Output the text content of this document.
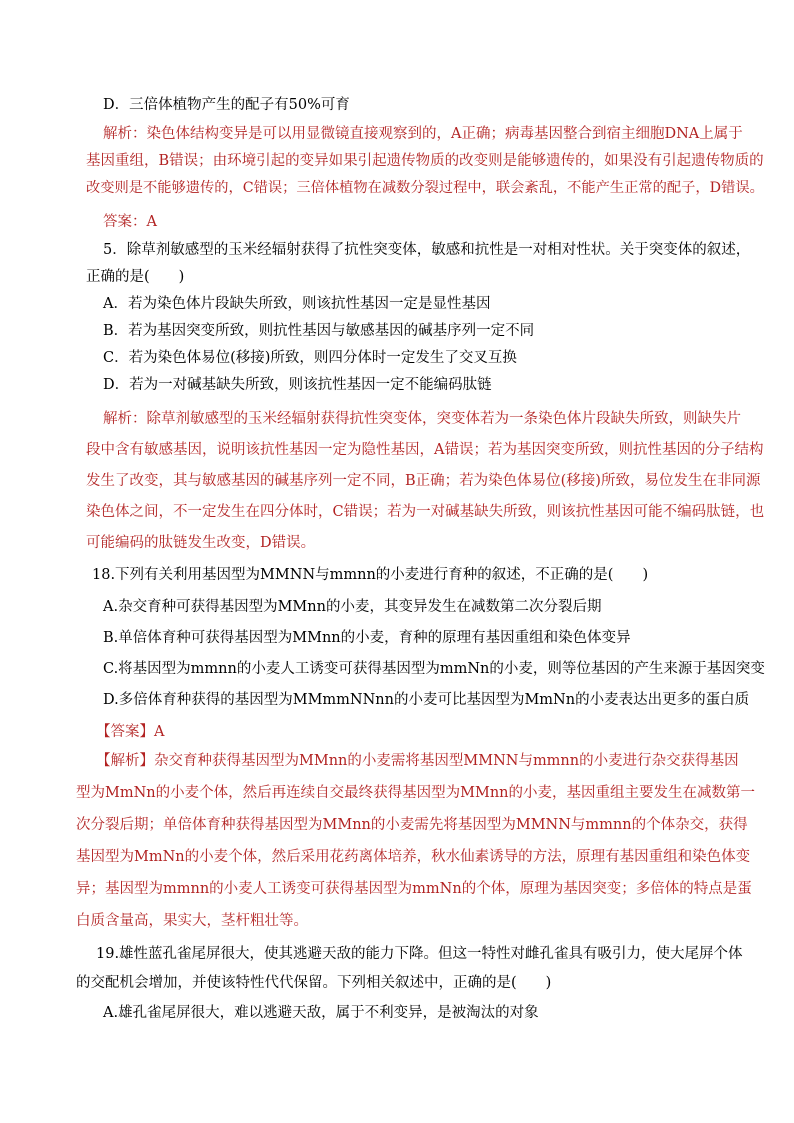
D．三倍体植物产生的配子有50%可育
解析：染色体结构变异是可以用显微镜直接观察到的，A正确；病毒基因整合到宿主细胞DNA上属于
基因重组，B错误；由环境引起的变异如果引起遗传物质的改变则是能够遗传的，如果没有引起遗传物质的
改变则是不能够遗传的，C错误；三倍体植物在减数分裂过程中，联会紊乱，不能产生正常的配子，D错误。
答案：A
5．除草剂敏感型的玉米经辐射获得了抗性突变体，敏感和抗性是一对相对性状。关于突变体的叙述，
正确的是(　　)
A．若为染色体片段缺失所致，则该抗性基因一定是显性基因
B．若为基因突变所致，则抗性基因与敏感基因的碱基序列一定不同
C．若为染色体易位(移接)所致，则四分体时一定发生了交叉互换
D．若为一对碱基缺失所致，则该抗性基因一定不能编码肽链
解析：除草剂敏感型的玉米经辐射获得抗性突变体，突变体若为一条染色体片段缺失所致，则缺失片
段中含有敏感基因，说明该抗性基因一定为隐性基因，A错误；若为基因突变所致，则抗性基因的分子结构
发生了改变，其与敏感基因的碱基序列一定不同，B正确；若为染色体易位(移接)所致，易位发生在非同源
染色体之间，不一定发生在四分体时，C错误；若为一对碱基缺失所致，则该抗性基因可能不编码肽链，也
可能编码的肽链发生改变，D错误。
18.下列有关利用基因型为MMNN与mmnn的小麦进行育种的叙述，不正确的是(　　)
A.杂交育种可获得基因型为MMnn的小麦，其变异发生在减数第二次分裂后期
B.单倍体育种可获得基因型为MMnn的小麦，育种的原理有基因重组和染色体变异
C.将基因型为mmnn的小麦人工诱变可获得基因型为mmNn的小麦，则等位基因的产生来源于基因突变
D.多倍体育种获得的基因型为MMmmNNnn的小麦可比基因型为MmNn的小麦表达出更多的蛋白质
【答案】A
【解析】杂交育种获得基因型为MMnn的小麦需将基因型MMNN与mmnn的小麦进行杂交获得基因
型为MmNn的小麦个体，然后再连续自交最终获得基因型为MMnn的小麦，基因重组主要发生在减数第一
次分裂后期；单倍体育种获得基因型为MMnn的小麦需先将基因型为MMNN与mmnn的个体杂交，获得
基因型为MmNn的小麦个体，然后采用花药离体培养，秋水仙素诱导的方法，原理有基因重组和染色体变
异；基因型为mmnn的小麦人工诱变可获得基因型为mmNn的个体，原理为基因突变；多倍体的特点是蛋
白质含量高，果实大，茎杆粗壮等。
19.雄性蓝孔雀尾屏很大，使其逃避天敌的能力下降。但这一特性对雌孔雀具有吸引力，使大尾屏个体
的交配机会增加，并使该特性代代保留。下列相关叙述中，正确的是(　　)
A.雄孔雀尾屏很大，难以逃避天敌，属于不利变异，是被淘汰的对象
